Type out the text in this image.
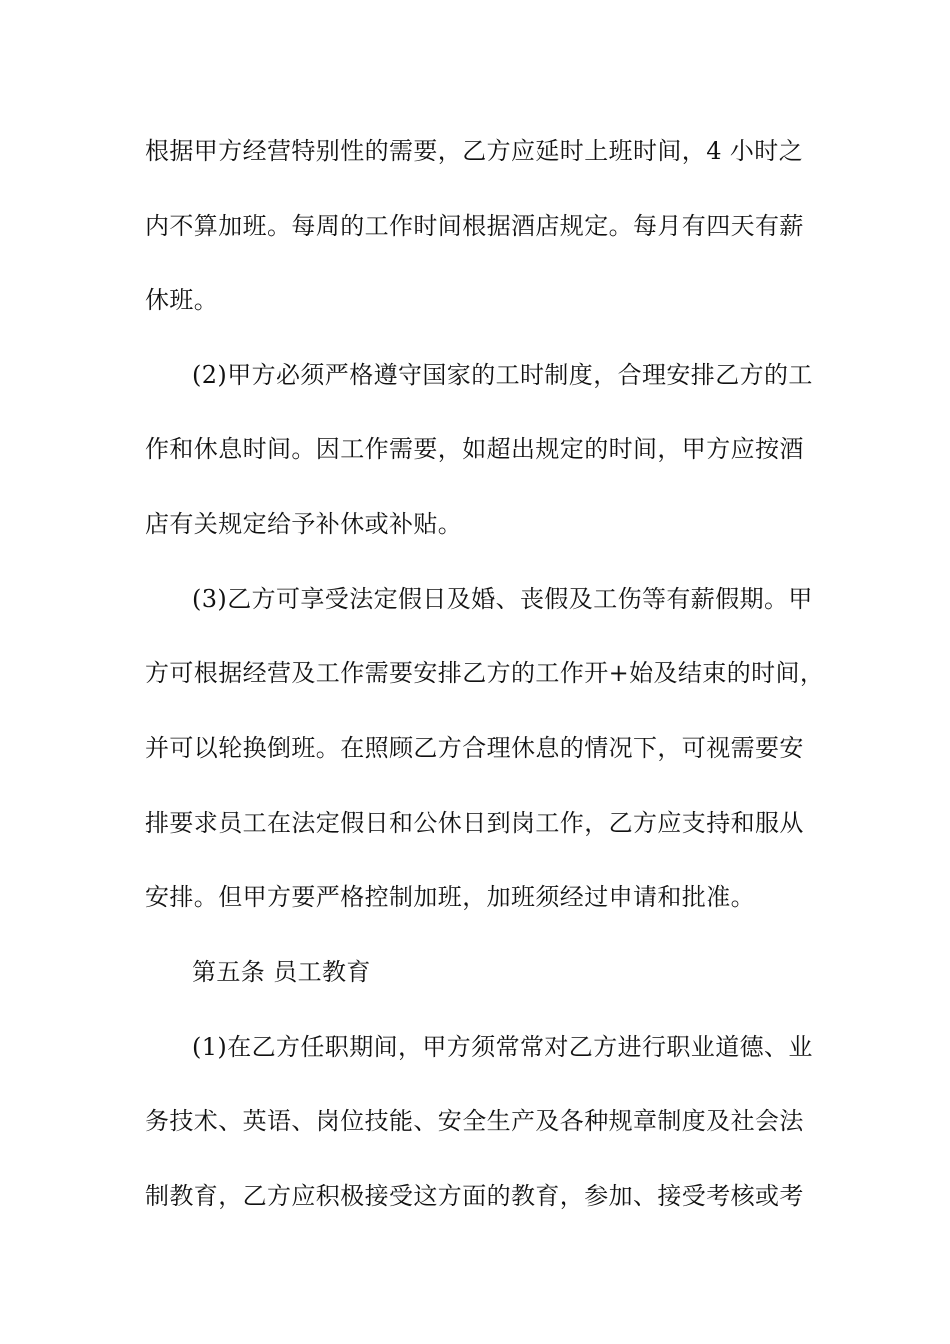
根据甲方经营特别性的需要，乙方应延时上班时间，4 小时之
内不算加班。每周的工作时间根据酒店规定。每月有四天有薪
休班。
(2)甲方必须严格遵守国家的工时制度，合理安排乙方的工
作和休息时间。因工作需要，如超出规定的时间，甲方应按酒
店有关规定给予补休或补贴。
(3)乙方可享受法定假日及婚、丧假及工伤等有薪假期。甲
方可根据经营及工作需要安排乙方的工作开+始及结束的时间，
并可以轮换倒班。在照顾乙方合理休息的情况下，可视需要安
排要求员工在法定假日和公休日到岗工作，乙方应支持和服从
安排。但甲方要严格控制加班，加班须经过申请和批准。
第五条 员工教育
(1)在乙方任职期间，甲方须常常对乙方进行职业道德、业
务技术、英语、岗位技能、安全生产及各种规章制度及社会法
制教育，乙方应积极接受这方面的教育，参加、接受考核或考
